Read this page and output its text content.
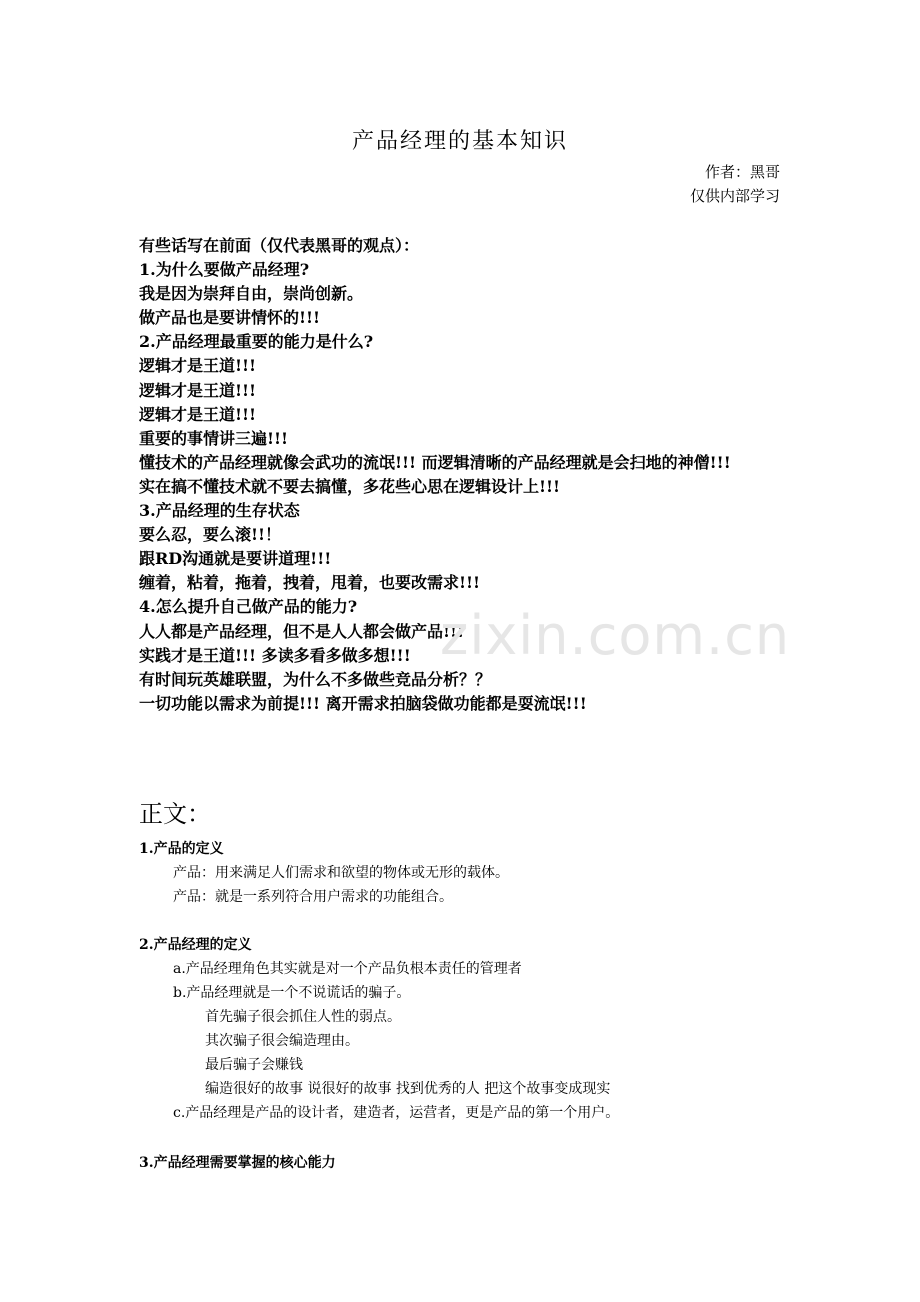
产品经理的基本知识
作者：黑哥
仅供内部学习
有些话写在前面（仅代表黑哥的观点）：
1.为什么要做产品经理?
我是因为崇拜自由，崇尚创新。
做产品也是要讲情怀的!!!
2.产品经理最重要的能力是什么?
逻辑才是王道!!!
逻辑才是王道!!!
逻辑才是王道!!!
重要的事情讲三遍!!!
懂技术的产品经理就像会武功的流氓!!! 而逻辑清晰的产品经理就是会扫地的神僧!!!
实在搞不懂技术就不要去搞懂，多花些心思在逻辑设计上!!!
3.产品经理的生存状态
要么忍，要么滚!!！
跟RD沟通就是要讲道理!!!
缠着，粘着，拖着，拽着，甩着，也要改需求!!!
4.怎么提升自己做产品的能力?
人人都是产品经理，但不是人人都会做产品!!!
实践才是王道!!! 多读多看多做多想!!!
有时间玩英雄联盟，为什么不多做些竞品分析？？
一切功能以需求为前提!!! 离开需求拍脑袋做功能都是耍流氓!!!
zixin.com.cn
正文：
1.产品的定义
产品：用来满足人们需求和欲望的物体或无形的载体。
产品：就是一系列符合用户需求的功能组合。
2.产品经理的定义
a.产品经理角色其实就是对一个产品负根本责任的管理者
b.产品经理就是一个不说谎话的骗子。
首先骗子很会抓住人性的弱点。
其次骗子很会编造理由。
最后骗子会赚钱
编造很好的故事 说很好的故事 找到优秀的人 把这个故事变成现实
c.产品经理是产品的设计者，建造者，运营者，更是产品的第一个用户。
3.产品经理需要掌握的核心能力
